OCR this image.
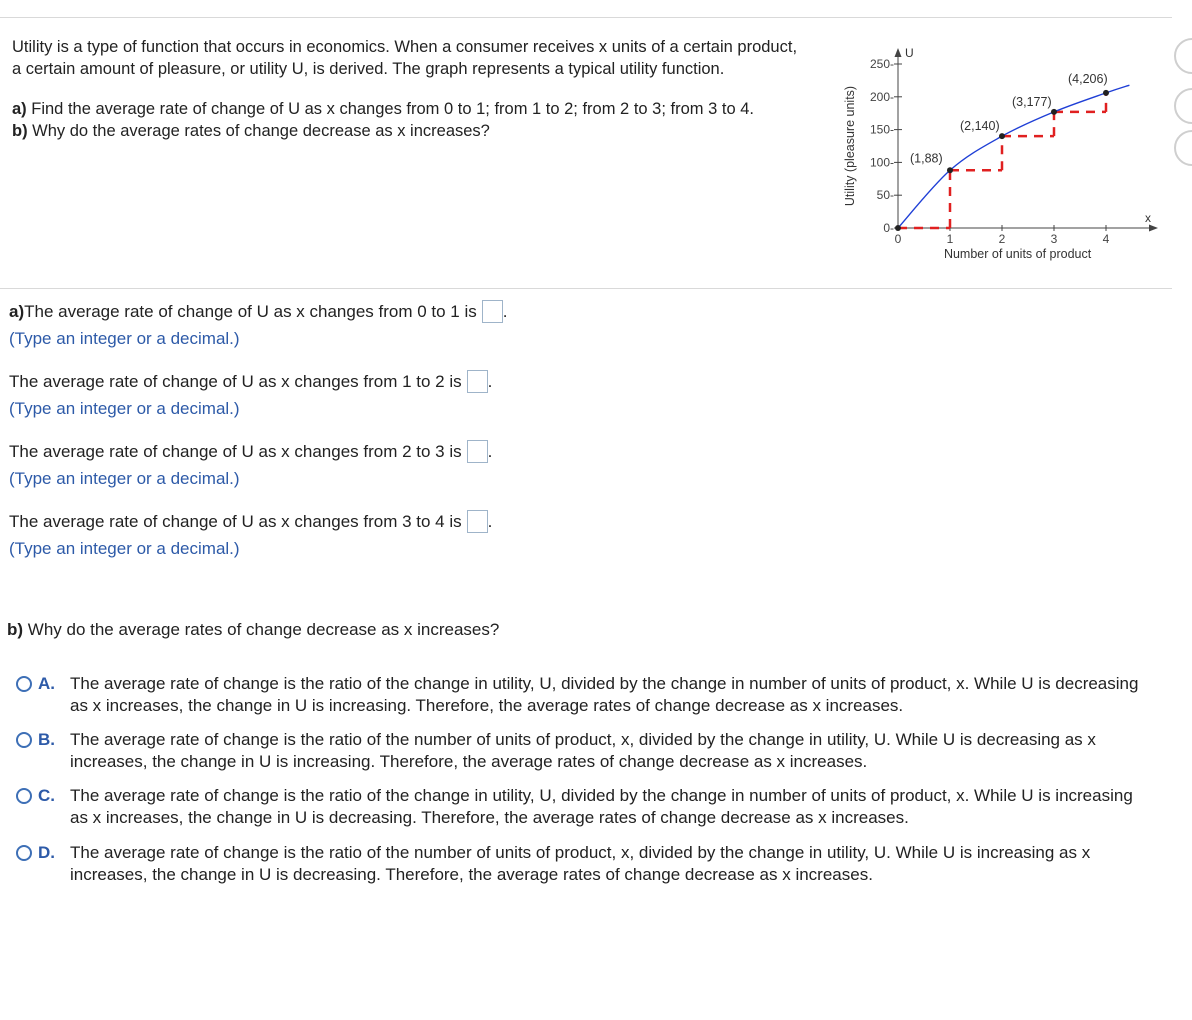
Utility is a type of function that occurs in economics. When a consumer receives x units of a certain product, a certain amount of pleasure, or utility U, is derived. The graph represents a typical utility function.

a) Find the average rate of change of U as x changes from 0 to 1; from 1 to 2; from 2 to 3; from 3 to 4.

b) Why do the average rates of change decrease as x increases?

U
x
0-
50-
100-
150-
200-
250-
0	1	2	3	4
Utility (pleasure units)
Number of units of product
(1,88)
(2,140)
(3,177)
(4,206)
a) The average rate of change of U as x changes from 0 to 1 is .
(Type an integer or a decimal.)
The average rate of change of U as x changes from 1 to 2 is .
(Type an integer or a decimal.)
The average rate of change of U as x changes from 2 to 3 is .
(Type an integer or a decimal.)
The average rate of change of U as x changes from 3 to 4 is .
(Type an integer or a decimal.)
b) Why do the average rates of change decrease as x increases?
A. The average rate of change is the ratio of the change in utility, U, divided by the change in number of units of product, x. While U is decreasing as x increases, the change in U is increasing. Therefore, the average rates of change decrease as x increases.
B. The average rate of change is the ratio of the number of units of product, x, divided by the change in utility, U. While U is decreasing as x increases, the change in U is increasing. Therefore, the average rates of change decrease as x increases.
C. The average rate of change is the ratio of the change in utility, U, divided by the change in number of units of product, x. While U is increasing as x increases, the change in U is decreasing. Therefore, the average rates of change decrease as x increases.
D. The average rate of change is the ratio of the number of units of product, x, divided by the change in utility, U. While U is increasing as x increases, the change in U is decreasing. Therefore, the average rates of change decrease as x increases.
